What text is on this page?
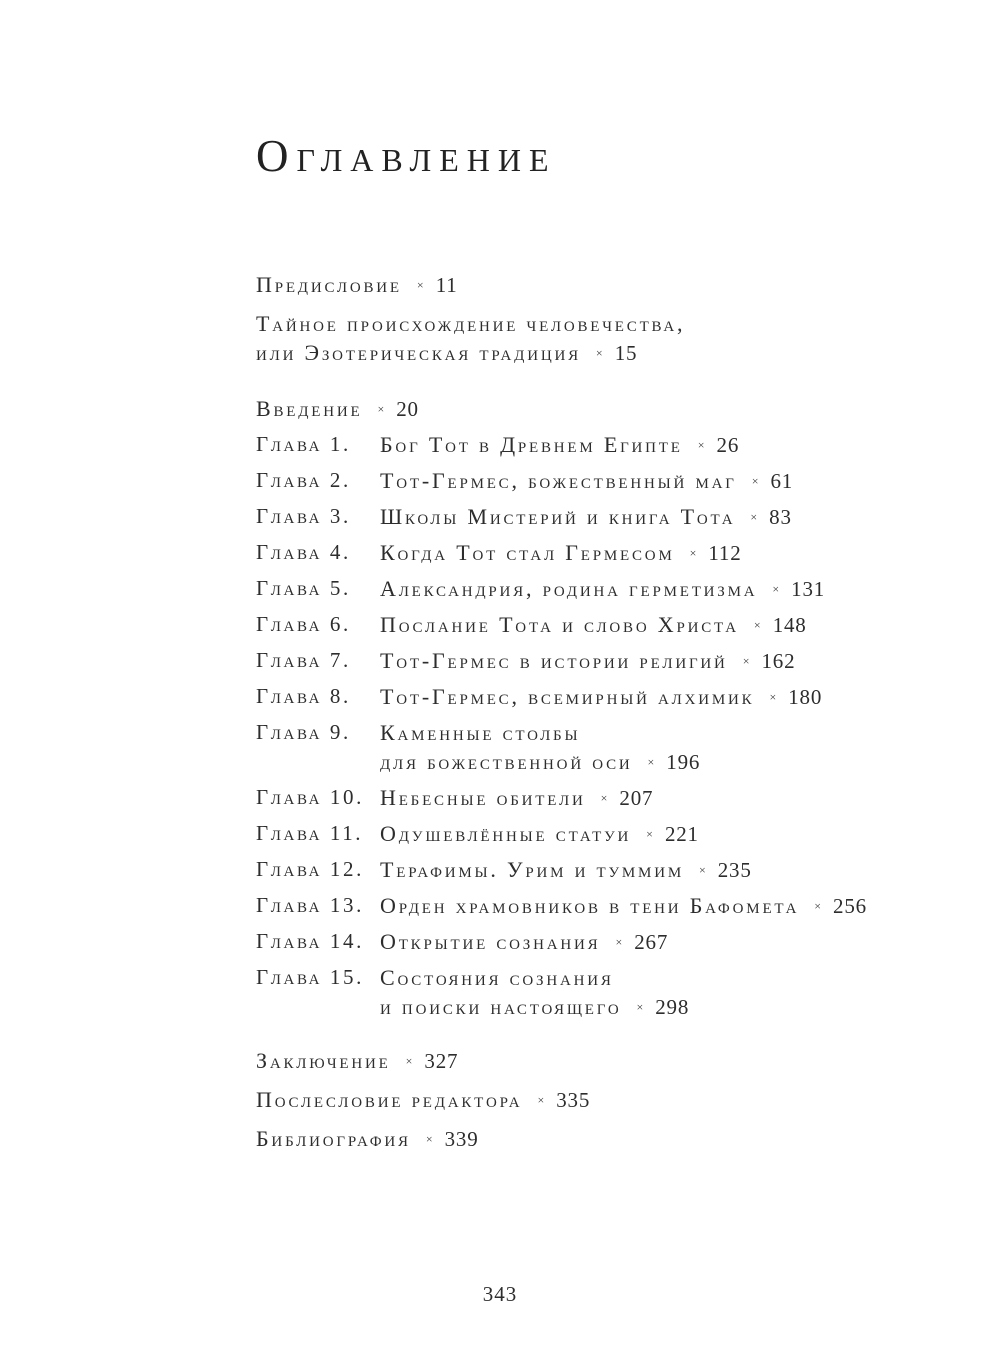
Оглавление
Предисловие × 11
Тайное происхождение человечества,
или Эзотерическая традиция × 15
Введение × 20
Глава 1.	Бог Тот в Древнем Египте × 26
Глава 2.	Тот-Гермес, божественный маг × 61
Глава 3.	Школы Мистерий и книга Тота × 83
Глава 4.	Когда Тот стал Гермесом × 112
Глава 5.	Александрия, родина герметизма × 131
Глава 6.	Послание Тота и слово Христа × 148
Глава 7.	Тот-Гермес в истории религий × 162
Глава 8.	Тот-Гермес, всемирный алхимик × 180
Глава 9.	Каменные столбы
для божественной оси × 196
Глава 10. Небесные обители × 207
Глава 11. Одушевлённые статуи × 221
Глава 12. Терафимы. Урим и туммим × 235
Глава 13. Орден храмовников в тени Бафомета × 256
Глава 14. Открытие сознания × 267
Глава 15. Состояния сознания
и поиски настоящего × 298
Заключение × 327
Послесловие редактора × 335
Библиография × 339
343
